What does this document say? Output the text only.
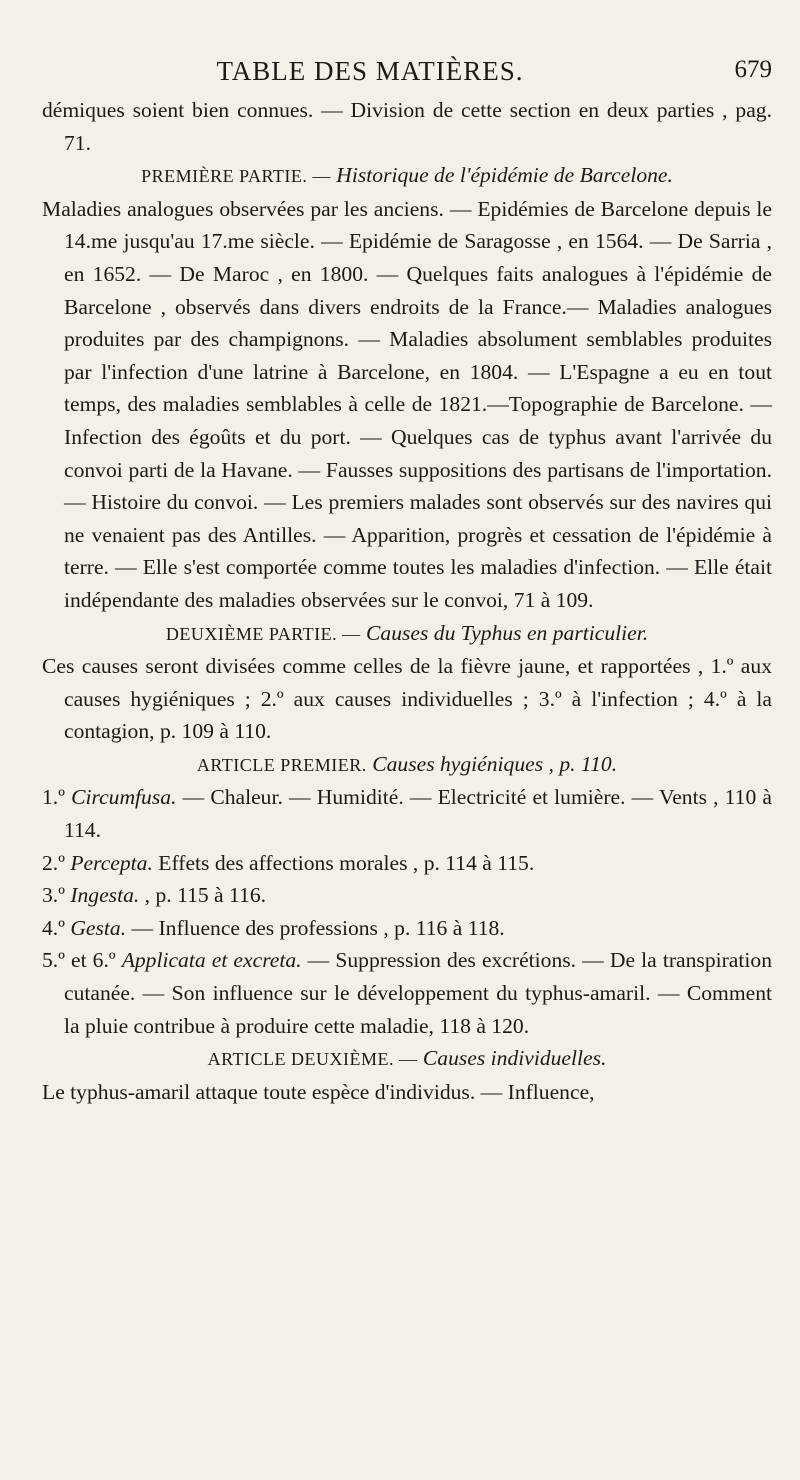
TABLE DES MATIÈRES.	679

démiques soient bien connues. — Division de cette section en deux parties , pag. 71.

PREMIÈRE PARTIE. — Historique de l'épidémie de Barcelone.

Maladies analogues observées par les anciens. — Epidémies de Barcelone depuis le 14.me jusqu'au 17.me siècle. — Epidémie de Saragosse , en 1564. — De Sarria , en 1652. — De Maroc , en 1800. — Quelques faits analogues à l'épidémie de Barcelone , observés dans divers endroits de la France.— Maladies analogues produites par des champignons. — Maladies absolument semblables produites par l'infection d'une latrine à Barcelone, en 1804. — L'Espagne a eu en tout temps, des maladies semblables à celle de 1821.—Topographie de Barcelone. — Infection des égoûts et du port. — Quelques cas de typhus avant l'arrivée du convoi parti de la Havane. — Fausses suppositions des partisans de l'importation. — Histoire du convoi. — Les premiers malades sont observés sur des navires qui ne venaient pas des Antilles. — Apparition, progrès et cessation de l'épidémie à terre. — Elle s'est comportée comme toutes les maladies d'infection. — Elle était indépendante des maladies observées sur le convoi, 71 à 109.

DEUXIÈME PARTIE. — Causes du Typhus en particulier.

Ces causes seront divisées comme celles de la fièvre jaune, et rapportées , 1.º aux causes hygiéniques ; 2.º aux causes individuelles ; 3.º à l'infection ; 4.º à la contagion, p. 109 à 110.

ARTICLE PREMIER. Causes hygiéniques , p. 110.

1.º Circumfusa. — Chaleur. — Humidité. — Electricité et lumière. — Vents , 110 à 114.

2.º Percepta. Effets des affections morales , p. 114 à 115.

3.º Ingesta. , p. 115 à 116.

4.º Gesta. — Influence des professions , p. 116 à 118.

5.º et 6.º Applicata et excreta. — Suppression des excrétions. — De la transpiration cutanée. — Son influence sur le développement du typhus-amaril. — Comment la pluie contribue à produire cette maladie, 118 à 120.

ARTICLE DEUXIÈME. — Causes individuelles.

Le typhus-amaril attaque toute espèce d'individus. — Influence,
